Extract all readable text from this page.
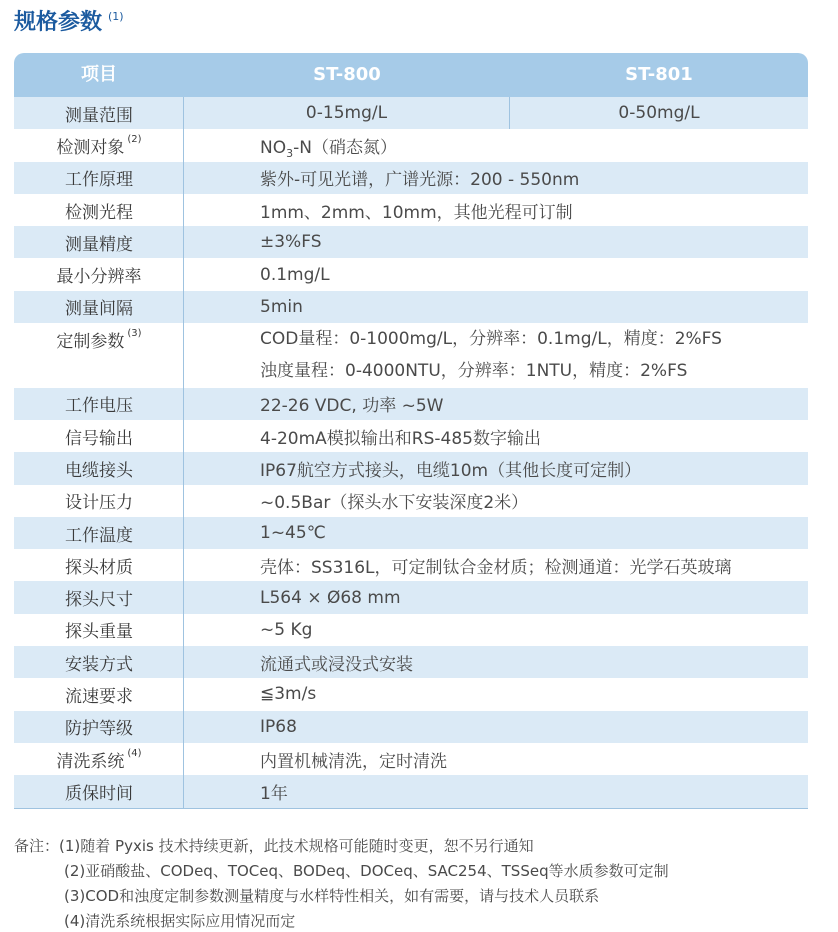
规格参数 (1)
项目	ST-800	ST-801
测量范围	0-15mg/L	0-50mg/L
检测对象 (2)	$NO_3-N$（硝态氮）
工作原理	紫外-可见光谱，广谱光源：200 - 550nm
检测光程	1mm、2mm、10mm，其他光程可订制
测量精度	±3%FS
最小分辨率	0.1mg/L
测量间隔	5min
定制参数 (3)	COD量程：0-1000mg/L，分辨率：0.1mg/L，精度：2%FS
浊度量程：0-4000NTU，分辨率：1NTU，精度：2%FS
工作电压	22-26 VDC, 功率 ~5W
信号输出	4-20mA模拟输出和RS-485数字输出
电缆接头	IP67航空方式接头，电缆10m（其他长度可定制）
设计压力	~0.5Bar（探头水下安装深度2米）
工作温度	1~45℃
探头材质	壳体：SS316L，可定制钛合金材质；检测通道：光学石英玻璃
探头尺寸	L564 × Ø68 mm
探头重量	~5 Kg
安装方式	流通式或浸没式安装
流速要求	≦3m/s
防护等级	IP68
清洗系统 (4)	内置机械清洗，定时清洗
质保时间	1年
备注：(1)随着 Pyxis 技术持续更新，此技术规格可能随时变更，恕不另行通知
(2)亚硝酸盐、CODeq、TOCeq、BODeq、DOCeq、SAC254、TSSeq等水质参数可定制
(3)COD和浊度定制参数测量精度与水样特性相关，如有需要，请与技术人员联系
(4)清洗系统根据实际应用情况而定
